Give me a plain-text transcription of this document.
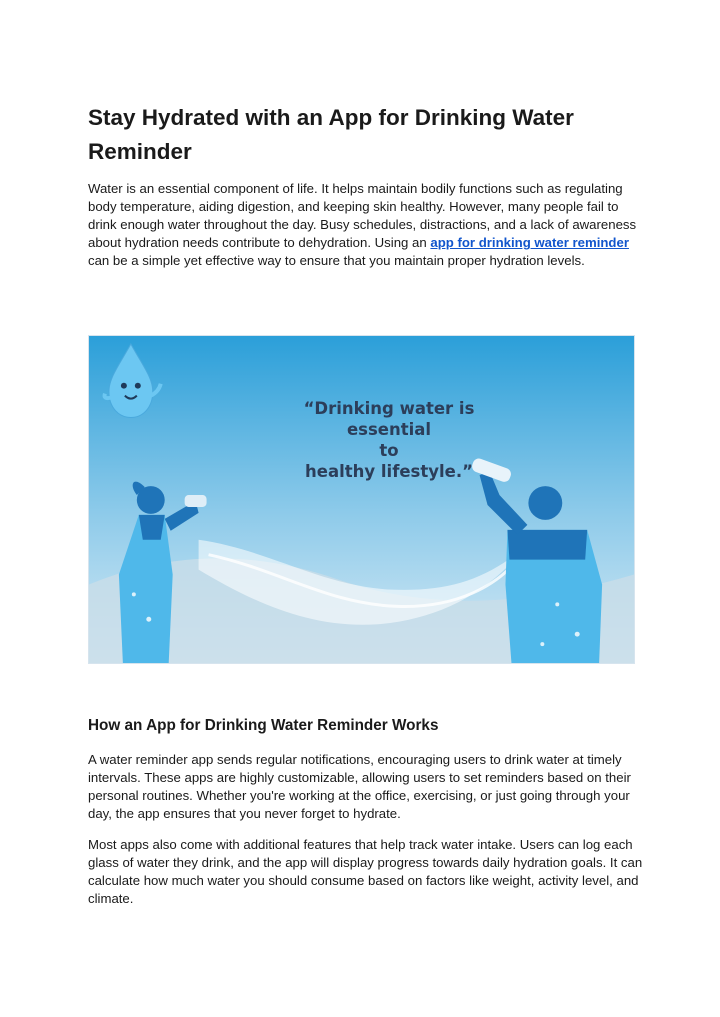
Stay Hydrated with an App for Drinking Water Reminder

Water is an essential component of life. It helps maintain bodily functions such as regulating body temperature, aiding digestion, and keeping skin healthy. However, many people fail to drink enough water throughout the day. Busy schedules, distractions, and a lack of awareness about hydration needs contribute to dehydration. Using an app for drinking water reminder can be a simple yet effective way to ensure that you maintain proper hydration levels.

“Drinking water is essential
to
healthy lifestyle.”
How an App for Drinking Water Reminder Works

A water reminder app sends regular notifications, encouraging users to drink water at timely intervals. These apps are highly customizable, allowing users to set reminders based on their personal routines. Whether you're working at the office, exercising, or just going through your day, the app ensures that you never forget to hydrate.

Most apps also come with additional features that help track water intake. Users can log each glass of water they drink, and the app will display progress towards daily hydration goals. It can calculate how much water you should consume based on factors like weight, activity level, and climate.
